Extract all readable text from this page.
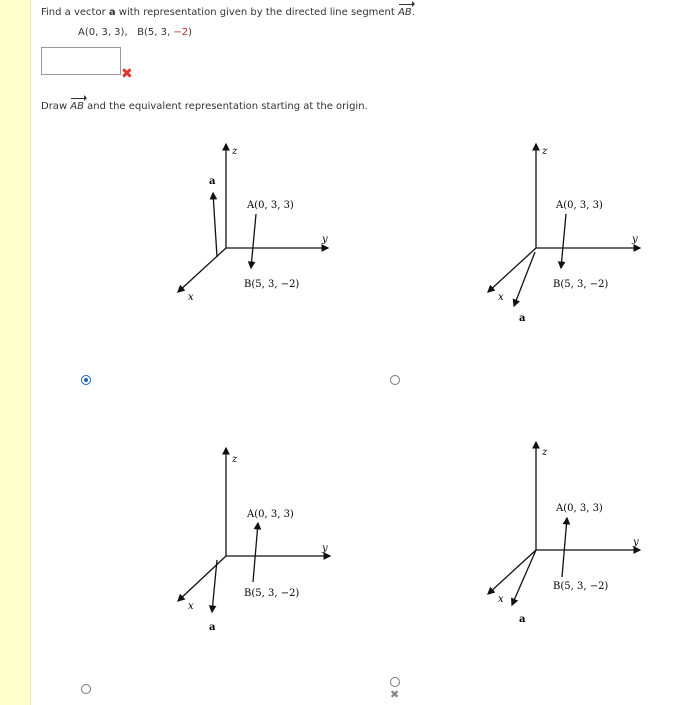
Find a vector a with representation given by the directed line segment AB.
A(0, 3, 3), B(5, 3, −2)
✖
Draw AB and the equivalent representation starting at the origin.
z
y
x
a
A(0, 3, 3)
B(5, 3, −2)
z
y
x
a
A(0, 3, 3)
B(5, 3, −2)
z
y
x
a
A(0, 3, 3)
B(5, 3, −2)
z
y
x
a
A(0, 3, 3)
B(5, 3, −2)
✖
